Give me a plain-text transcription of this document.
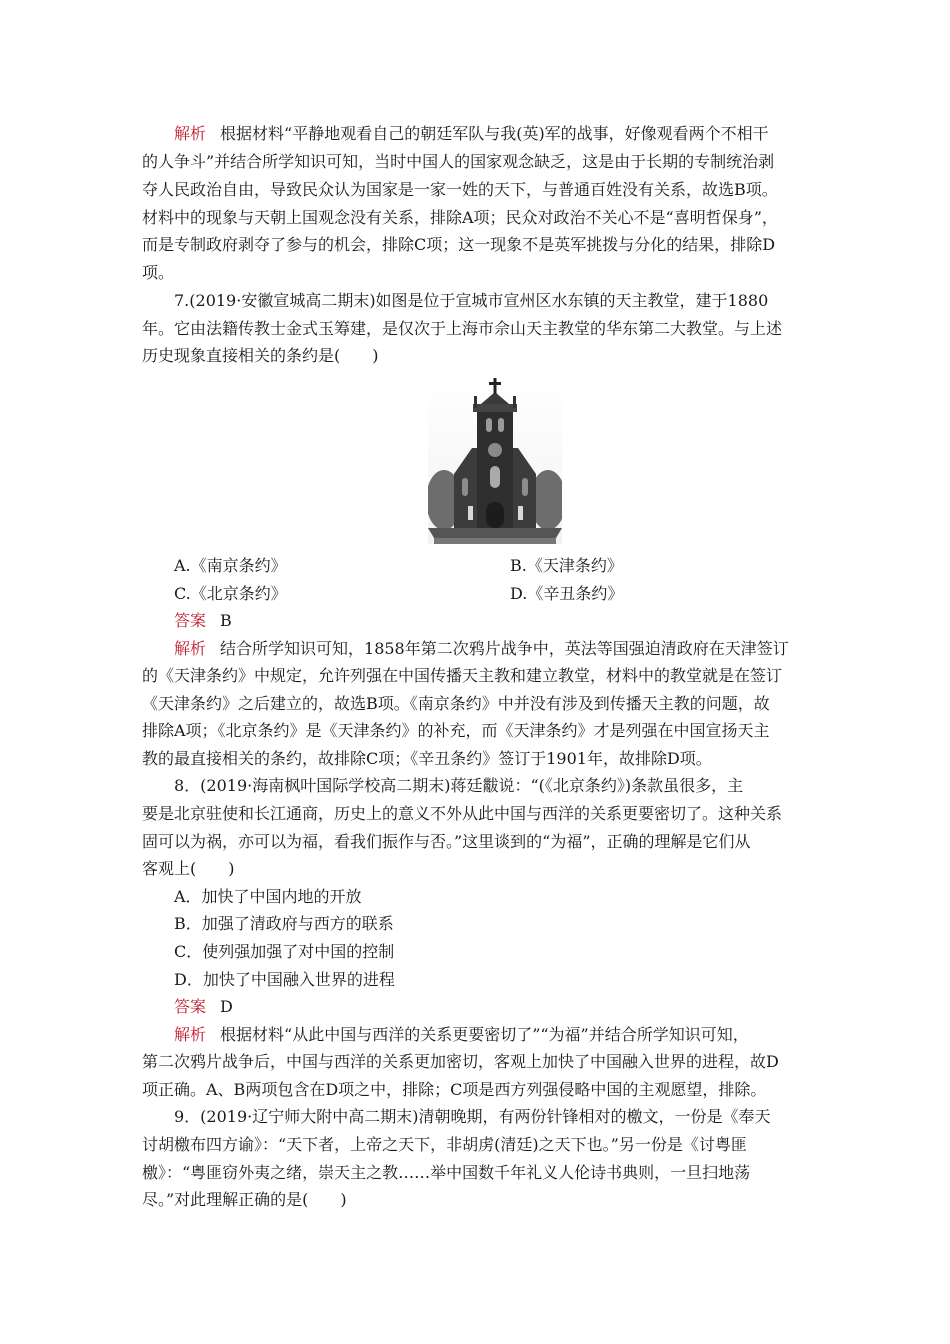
解析 根据材料“平静地观看自己的朝廷军队与我(英)军的战事，好像观看两个不相干
的人争斗”并结合所学知识可知，当时中国人的国家观念缺乏，这是由于长期的专制统治剥
夺人民政治自由，导致民众认为国家是一家一姓的天下，与普通百姓没有关系，故选B项。
材料中的现象与天朝上国观念没有关系，排除A项；民众对政治不关心不是“喜明哲保身”，
而是专制政府剥夺了参与的机会，排除C项；这一现象不是英军挑拨与分化的结果，排除D
项。
7.(2019·安徽宣城高二期末)如图是位于宣城市宣州区水东镇的天主教堂，建于1880
年。它由法籍传教士金式玉筹建，是仅次于上海市佘山天主教堂的华东第二大教堂。与上述
历史现象直接相关的条约是(　　)
A.《南京条约》	B.《天津条约》
C.《北京条约》	D.《辛丑条约》
答案 B
解析 结合所学知识可知，1858年第二次鸦片战争中，英法等国强迫清政府在天津签订
的《天津条约》中规定，允许列强在中国传播天主教和建立教堂，材料中的教堂就是在签订
《天津条约》之后建立的，故选B项。《南京条约》中并没有涉及到传播天主教的问题，故
排除A项；《北京条约》是《天津条约》的补充，而《天津条约》才是列强在中国宣扬天主
教的最直接相关的条约，故排除C项；《辛丑条约》签订于1901年，故排除D项。
8．(2019·海南枫叶国际学校高二期末)蒋廷黻说：“(《北京条约》)条款虽很多，主
要是北京驻使和长江通商，历史上的意义不外从此中国与西洋的关系更要密切了。这种关系
固可以为祸，亦可以为福，看我们振作与否。”这里谈到的“为福”，正确的理解是它们从
客观上(　　)
A．加快了中国内地的开放
B．加强了清政府与西方的联系
C．使列强加强了对中国的控制
D．加快了中国融入世界的进程
答案 D
解析 根据材料“从此中国与西洋的关系更要密切了”“为福”并结合所学知识可知，
第二次鸦片战争后，中国与西洋的关系更加密切，客观上加快了中国融入世界的进程，故D
项正确。A、B两项包含在D项之中，排除；C项是西方列强侵略中国的主观愿望，排除。
9．(2019·辽宁师大附中高二期末)清朝晚期，有两份针锋相对的檄文，一份是《奉天
讨胡檄布四方谕》：“天下者，上帝之天下，非胡虏(清廷)之天下也。”另一份是《讨粤匪
檄》：“粤匪窃外夷之绪，崇天主之教……举中国数千年礼义人伦诗书典则，一旦扫地荡
尽。”对此理解正确的是(　　)
